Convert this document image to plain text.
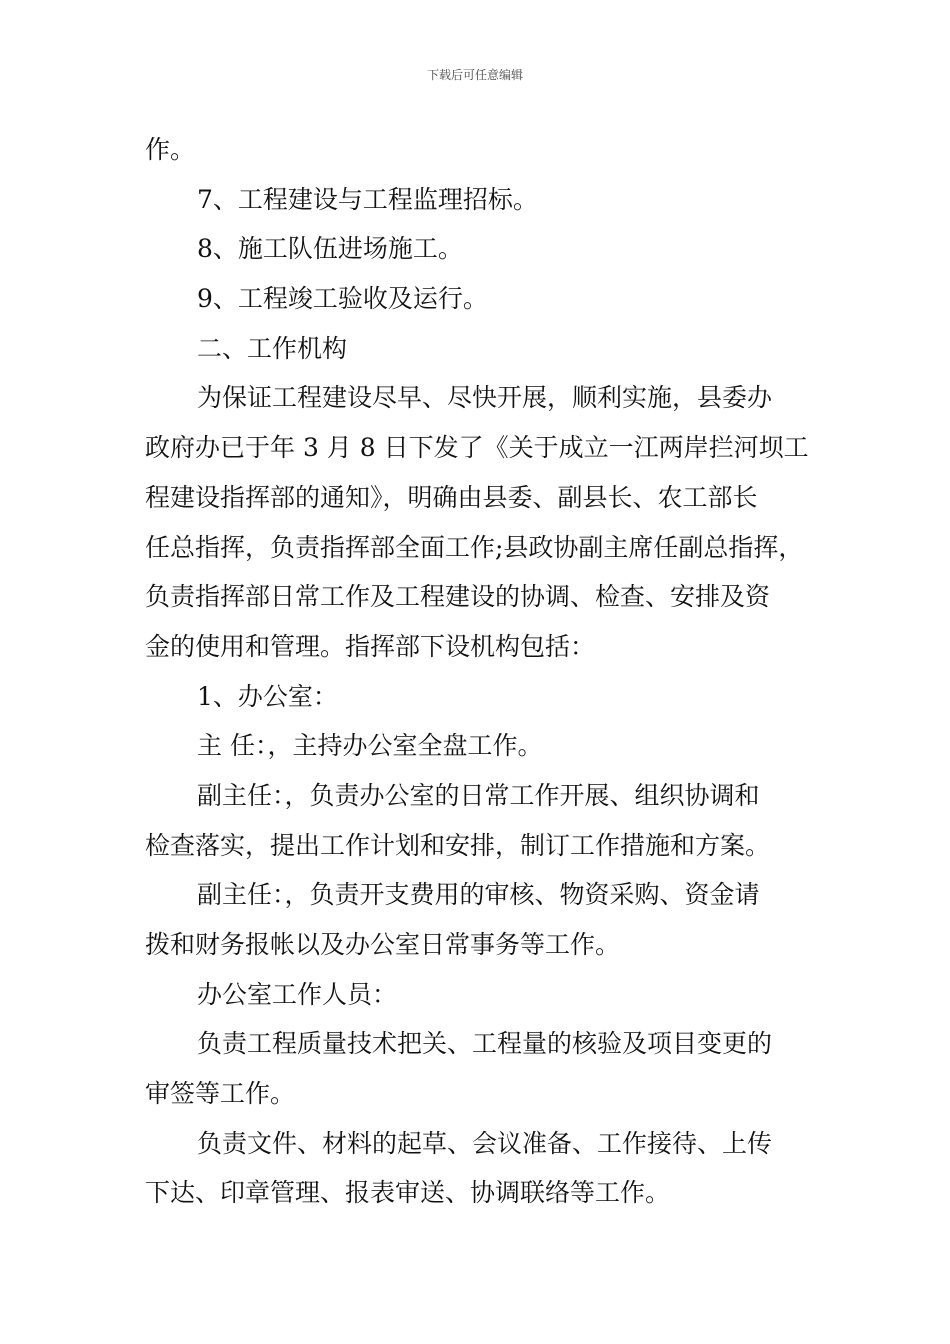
下载后可任意编辑

作。

7、工程建设与工程监理招标。

8、施工队伍进场施工。

9、工程竣工验收及运行。

二、工作机构

为保证工程建设尽早、尽快开展，顺利实施，县委办

政府办已于年 3 月 8 日下发了《关于成立一江两岸拦河坝工

程建设指挥部的通知》，明确由县委、副县长、农工部长

任总指挥，负责指挥部全面工作;县政协副主席任副总指挥，

负责指挥部日常工作及工程建设的协调、检查、安排及资

金的使用和管理。指挥部下设机构包括：

1、办公室：

主 任：，主持办公室全盘工作。

副主任：，负责办公室的日常工作开展、组织协调和

检查落实，提出工作计划和安排，制订工作措施和方案。

副主任：，负责开支费用的审核、物资采购、资金请

拨和财务报帐以及办公室日常事务等工作。

办公室工作人员：

负责工程质量技术把关、工程量的核验及项目变更的

审签等工作。

负责文件、材料的起草、会议准备、工作接待、上传

下达、印章管理、报表审送、协调联络等工作。
